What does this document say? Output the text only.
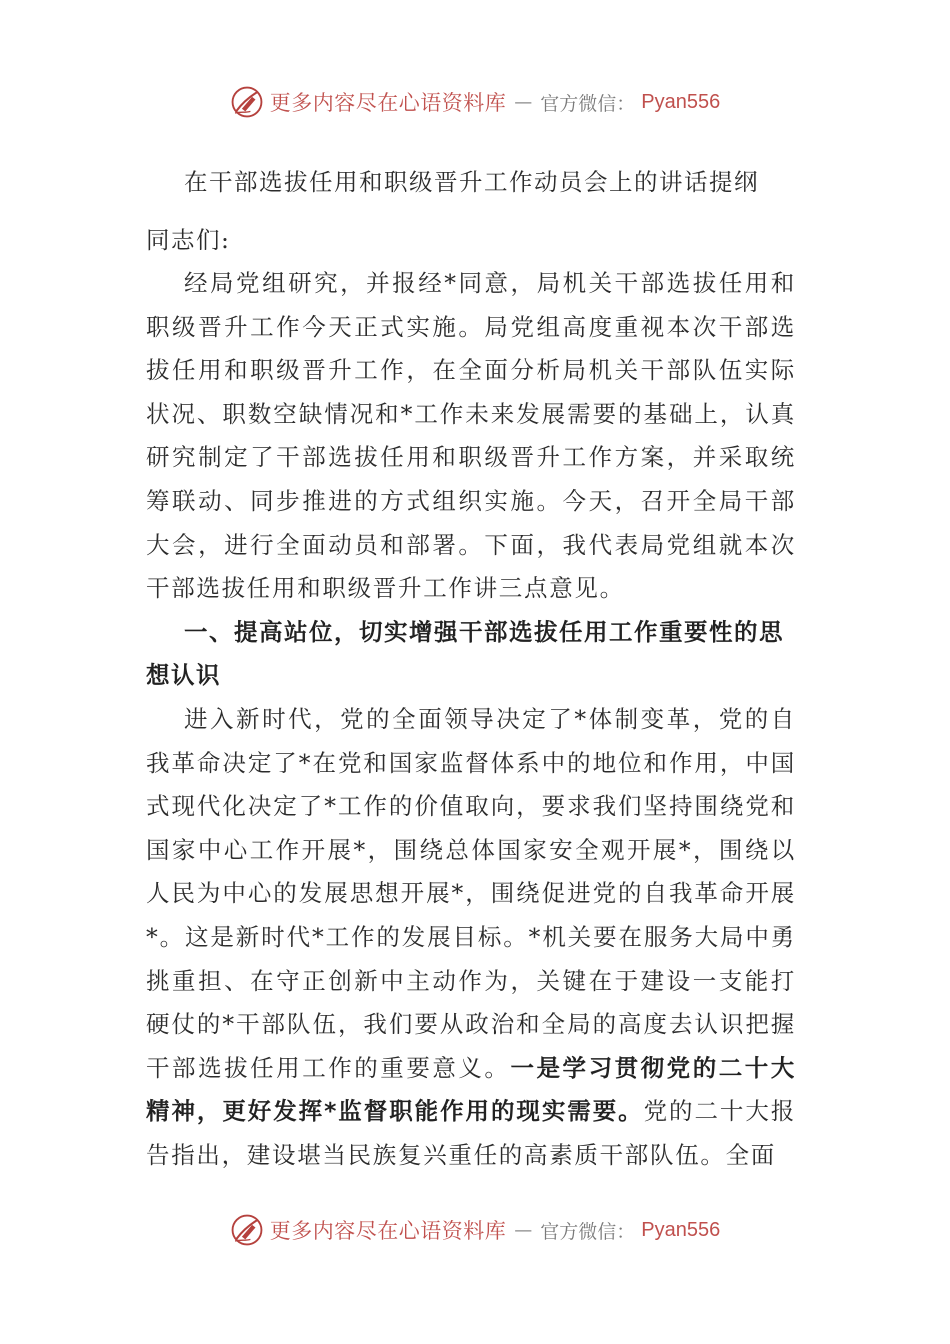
更多内容尽在心语资料库 — 官方微信： Pyan556
在干部选拔任用和职级晋升工作动员会上的讲话提纲
同志们:

经局党组研究，并报经*同意，局机关干部选拔任用和职级晋升工作今天正式实施。局党组高度重视本次干部选拔任用和职级晋升工作，在全面分析局机关干部队伍实际状况、职数空缺情况和*工作未来发展需要的基础上，认真研究制定了干部选拔任用和职级晋升工作方案，并采取统筹联动、同步推进的方式组织实施。今天，召开全局干部大会，进行全面动员和部署。下面，我代表局党组就本次干部选拔任用和职级晋升工作讲三点意见。

一、提高站位，切实增强干部选拔任用工作重要性的思想认识

进入新时代，党的全面领导决定了*体制变革，党的自我革命决定了*在党和国家监督体系中的地位和作用，中国式现代化决定了*工作的价值取向，要求我们坚持围绕党和国家中心工作开展*，围绕总体国家安全观开展*，围绕以人民为中心的发展思想开展*，围绕促进党的自我革命开展*。这是新时代*工作的发展目标。*机关要在服务大局中勇挑重担、在守正创新中主动作为，关键在于建设一支能打硬仗的*干部队伍，我们要从政治和全局的高度去认识把握干部选拔任用工作的重要意义。一是学习贯彻党的二十大精神，更好发挥*监督职能作用的现实需要。党的二十大报告指出，建设堪当民族复兴重任的高素质干部队伍。全面

更多内容尽在心语资料库 — 官方微信： Pyan556
